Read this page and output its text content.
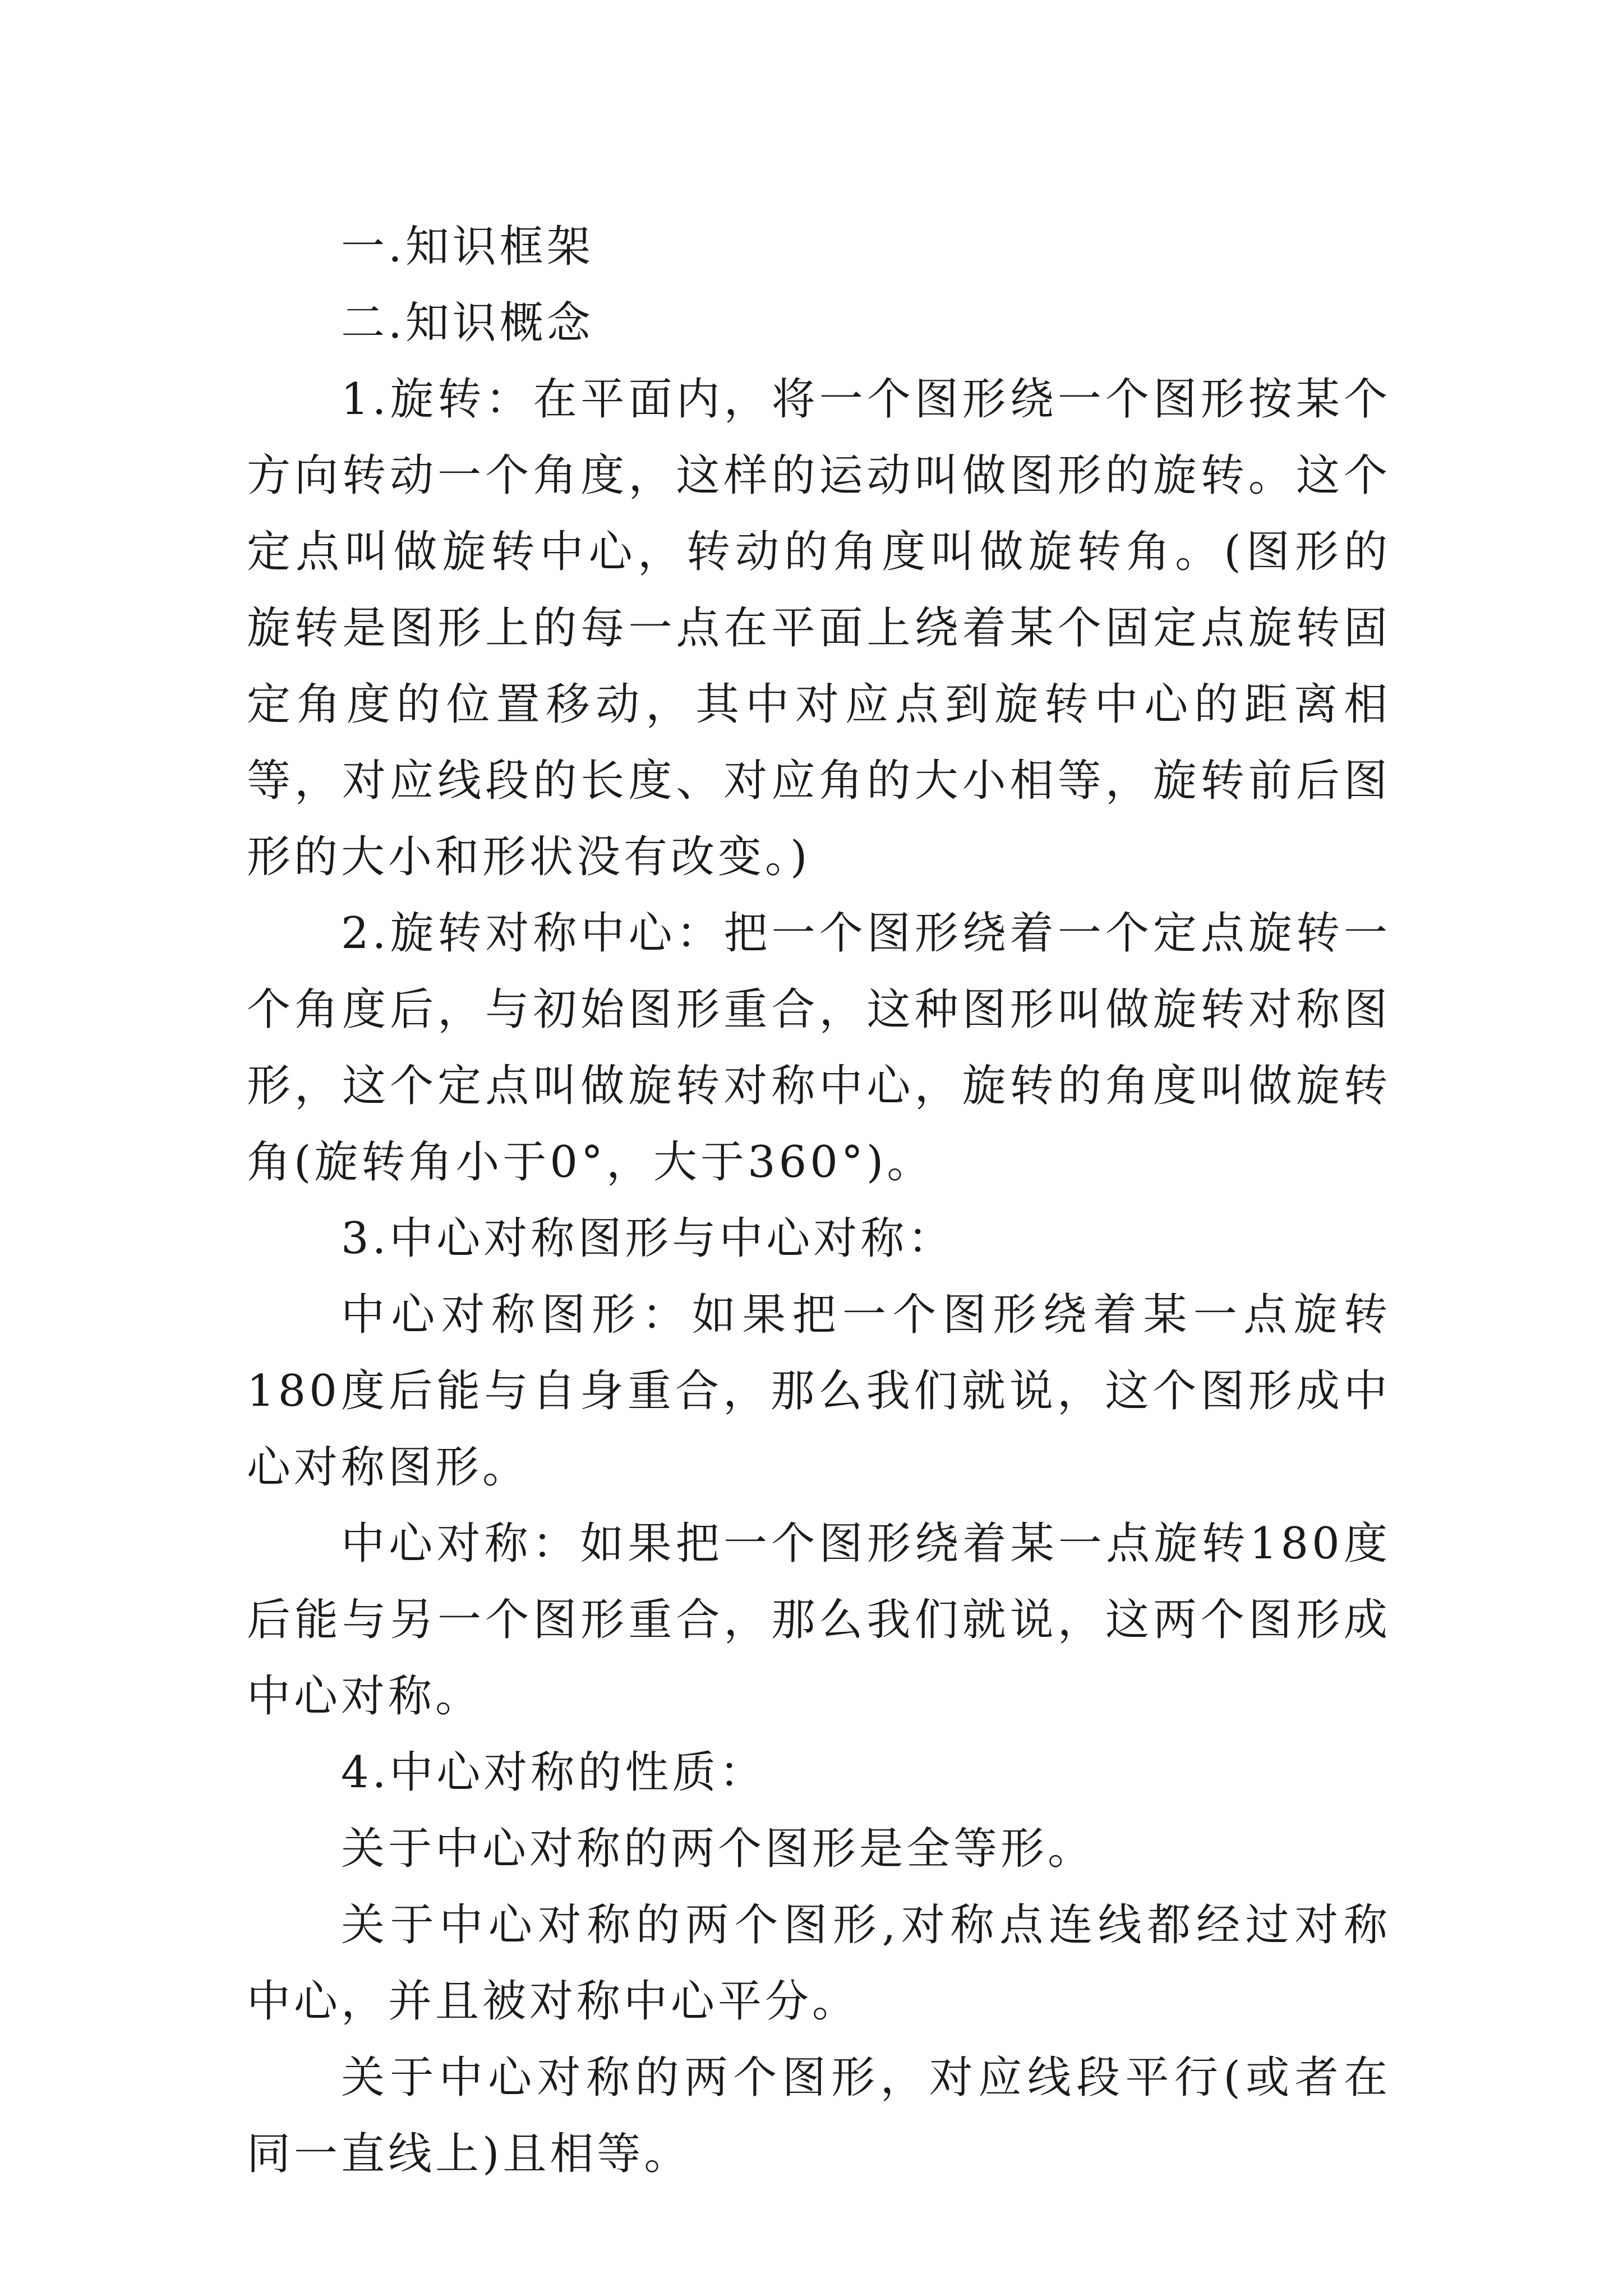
一.知识框架

二.知识概念

1.旋转：在平面内，将一个图形绕一个图形按某个方向转动一个角度，这样的运动叫做图形的旋转。这个定点叫做旋转中心，转动的角度叫做旋转角。(图形的旋转是图形上的每一点在平面上绕着某个固定点旋转固定角度的位置移动，其中对应点到旋转中心的距离相等，对应线段的长度、对应角的大小相等，旋转前后图形的大小和形状没有改变。)

2.旋转对称中心：把一个图形绕着一个定点旋转一个角度后，与初始图形重合，这种图形叫做旋转对称图形，这个定点叫做旋转对称中心，旋转的角度叫做旋转角(旋转角小于0°，大于360°)。

3.中心对称图形与中心对称：

中心对称图形：如果把一个图形绕着某一点旋转180度后能与自身重合，那么我们就说，这个图形成中心对称图形。

中心对称：如果把一个图形绕着某一点旋转180度后能与另一个图形重合，那么我们就说，这两个图形成中心对称。

4.中心对称的性质：

关于中心对称的两个图形是全等形。

关于中心对称的两个图形,对称点连线都经过对称中心，并且被对称中心平分。

关于中心对称的两个图形，对应线段平行(或者在同一直线上)且相等。
